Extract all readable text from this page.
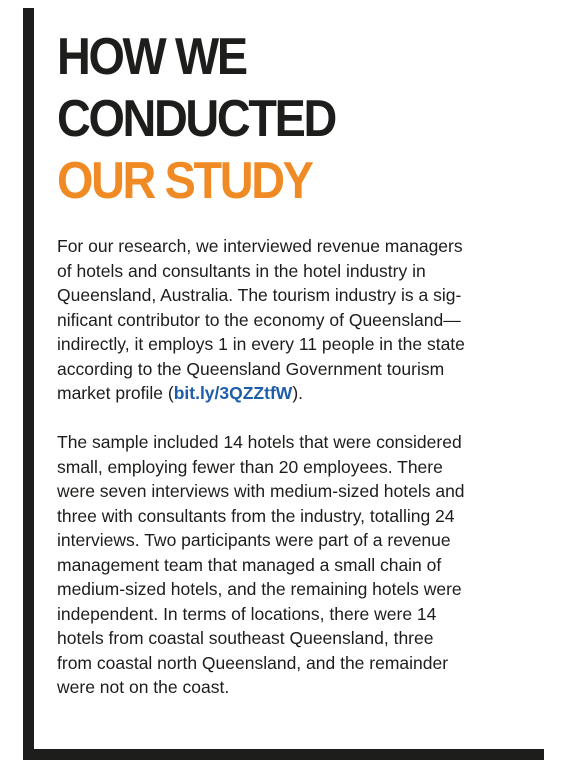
HOW WE
CONDUCTED
OUR STUDY
For our research, we interviewed revenue managers
of hotels and consultants in the hotel industry in
Queensland, Australia. The tourism industry is a sig-
nificant contributor to the economy of Queensland—
indirectly, it employs 1 in every 11 people in the state
according to the Queensland Government tourism
market profile (bit.ly/3QZZtfW).
The sample included 14 hotels that were considered
small, employing fewer than 20 employees. There
were seven interviews with medium-sized hotels and
three with consultants from the industry, totalling 24
interviews. Two participants were part of a revenue
management team that managed a small chain of
medium-sized hotels, and the remaining hotels were
independent. In terms of locations, there were 14
hotels from coastal southeast Queensland, three
from coastal north Queensland, and the remainder
were not on the coast.
